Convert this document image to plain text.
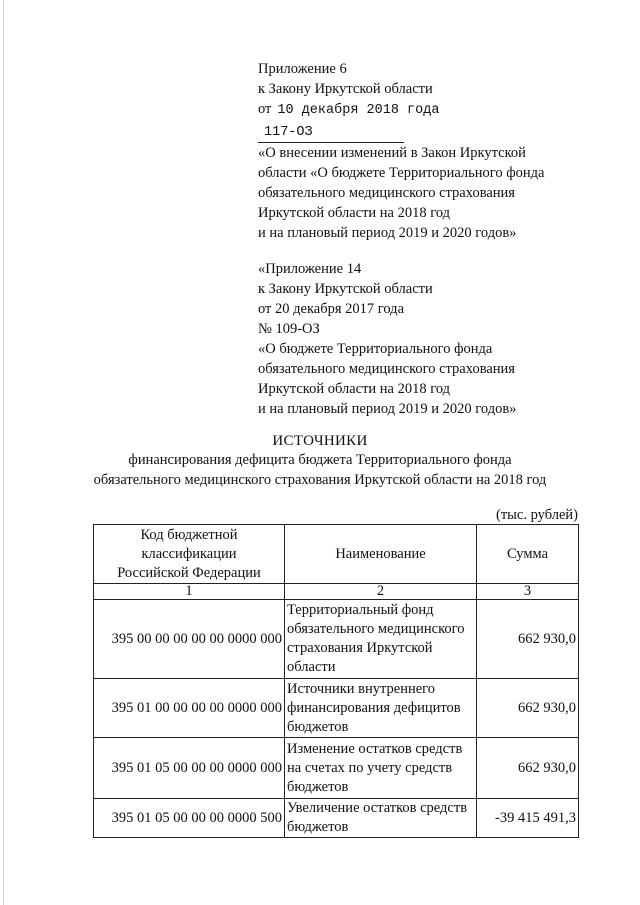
Приложение 6
к Закону Иркутской области
от 10 декабря 2018 года
117-ОЗ
«О внесении изменений в Закон Иркутской
области «О бюджете Территориального фонда
обязательного медицинского страхования
Иркутской области на 2018 год
и на плановый период 2019 и 2020 годов»
«Приложение 14
к Закону Иркутской области
от 20 декабря 2017 года
№ 109-ОЗ
«О бюджете Территориального фонда
обязательного медицинского страхования
Иркутской области на 2018 год
и на плановый период 2019 и 2020 годов»
ИСТОЧНИКИ
финансирования дефицита бюджета Территориального фонда
обязательного медицинского страхования Иркутской области на 2018 год
(тыс. рублей)
Код бюджетной
классификации
Российской Федерации	Наименование	Сумма
1	2	3
395 00 00 00 00 00 0000 000	Территориальный фонд
обязательного медицинского
страхования Иркутской
области	662 930,0
395 01 00 00 00 00 0000 000	Источники внутреннего
финансирования дефицитов
бюджетов	662 930,0
395 01 05 00 00 00 0000 000	Изменение остатков средств
на счетах по учету средств
бюджетов	662 930,0
395 01 05 00 00 00 0000 500	Увеличение остатков средств
бюджетов	-39 415 491,3
